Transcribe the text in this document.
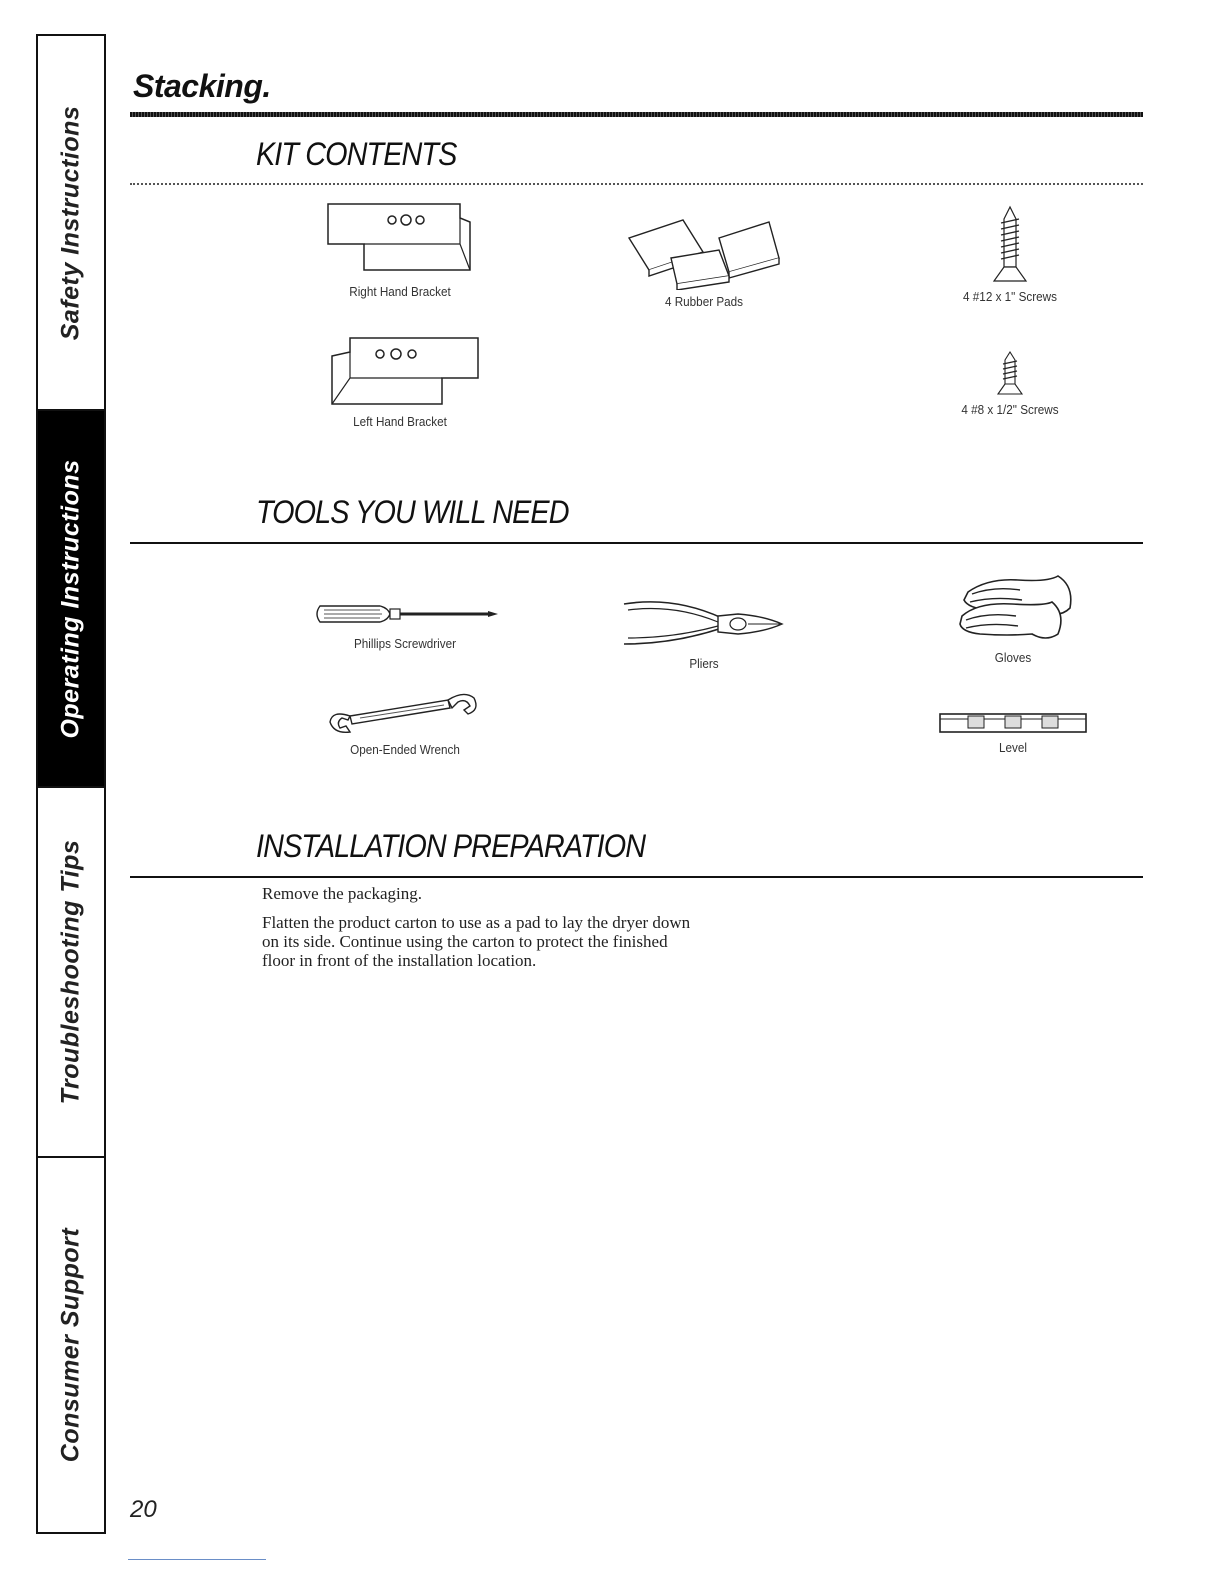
Safety Instructions
Operating Instructions
Troubleshooting Tips
Consumer Support
Stacking.
KIT CONTENTS
Right Hand Bracket
Left Hand Bracket
4 Rubber Pads	4 #12 x 1" Screws
4 #8 x 1/2" Screws
TOOLS YOU WILL NEED
Phillips Screwdriver
Open-Ended Wrench
Pliers	Gloves
Level
INSTALLATION PREPARATION

Remove the packaging.

Flatten the product carton to use as a pad to lay the dryer down on its side. Continue using the carton to protect the finished floor in front of the installation location.

20
